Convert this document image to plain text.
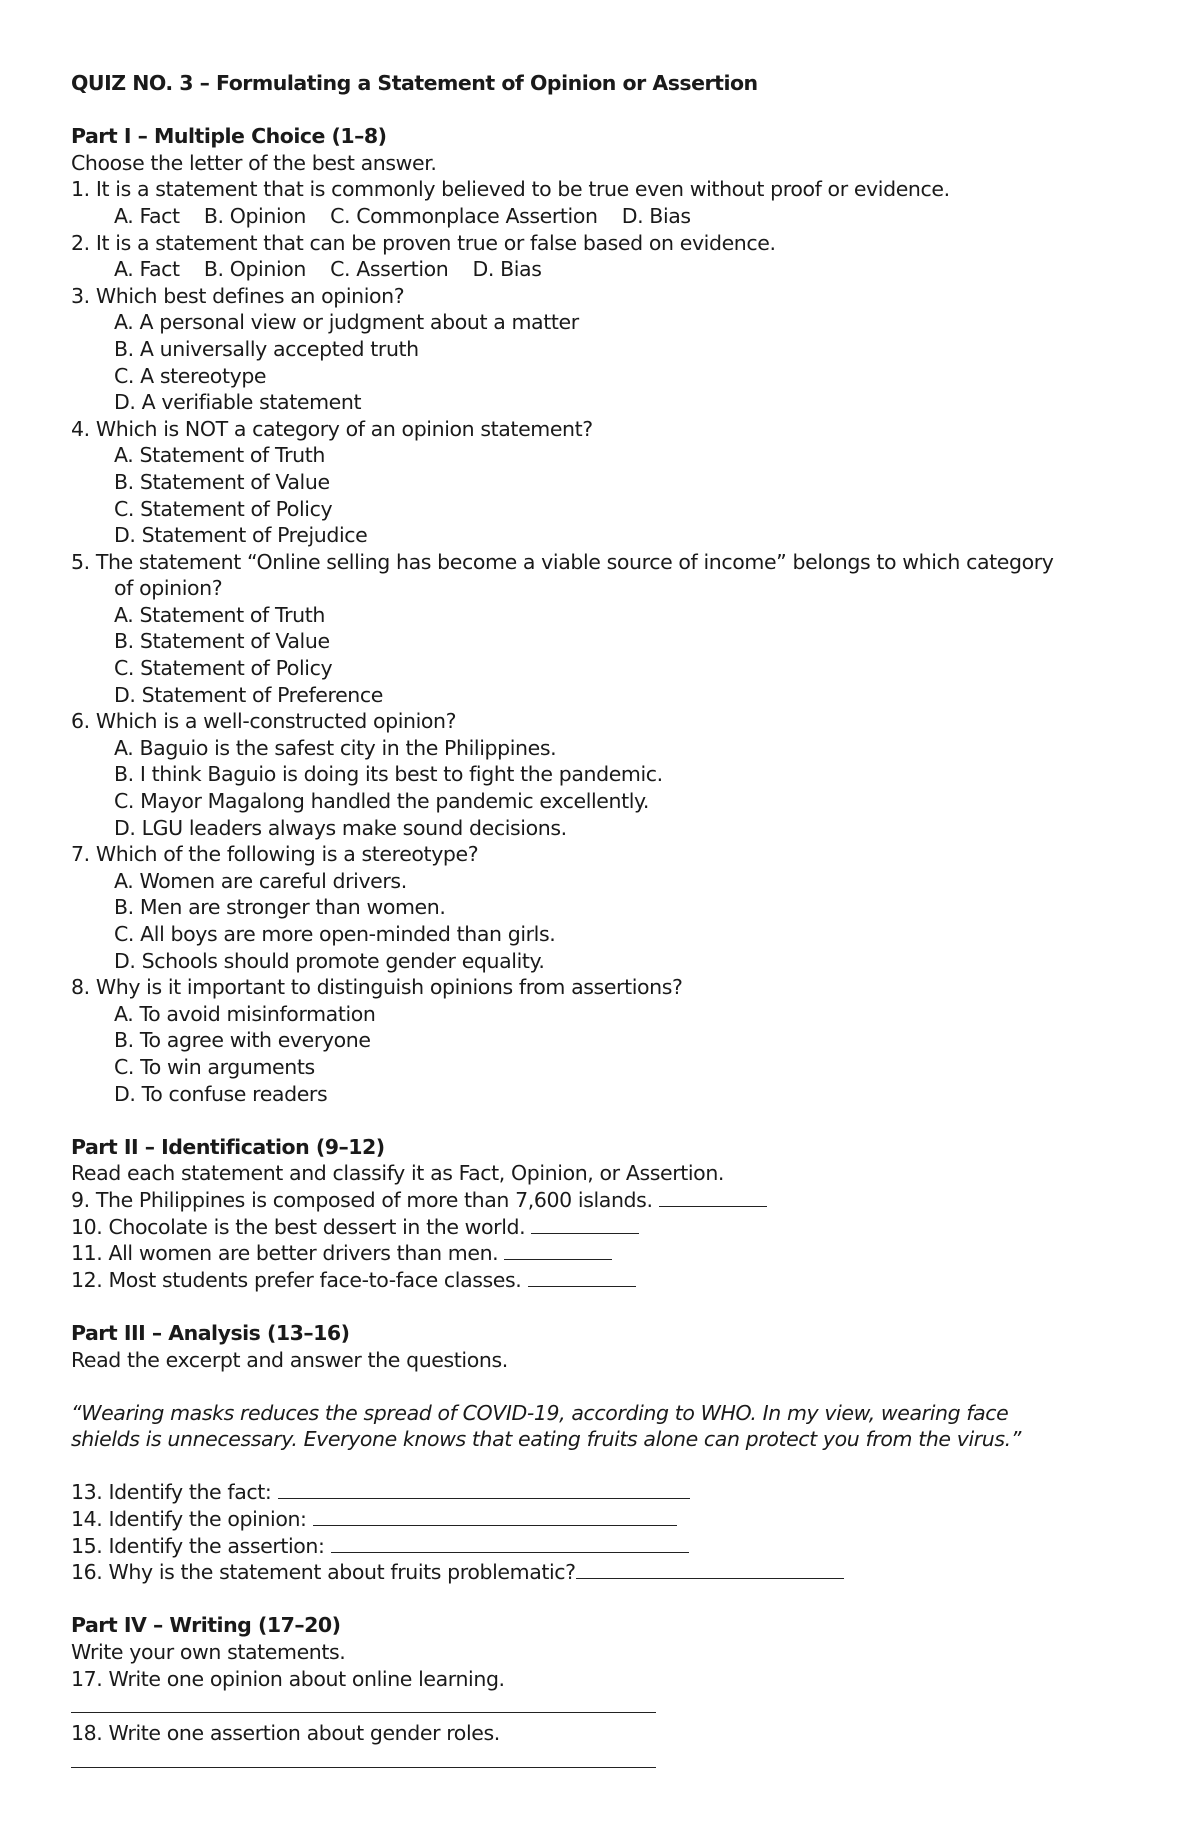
QUIZ NO. 3 – Formulating a Statement of Opinion or Assertion
Part I – Multiple Choice (1–8)
Choose the letter of the best answer.
1. It is a statement that is commonly believed to be true even without proof or evidence.
A. Fact B. Opinion C. Commonplace Assertion D. Bias
2. It is a statement that can be proven true or false based on evidence.
A. Fact B. Opinion C. Assertion D. Bias
3. Which best defines an opinion?
A. A personal view or judgment about a matter
B. A universally accepted truth
C. A stereotype
D. A verifiable statement
4. Which is NOT a category of an opinion statement?
A. Statement of Truth
B. Statement of Value
C. Statement of Policy
D. Statement of Prejudice
5. The statement “Online selling has become a viable source of income” belongs to which category
of opinion?
A. Statement of Truth
B. Statement of Value
C. Statement of Policy
D. Statement of Preference
6. Which is a well-constructed opinion?
A. Baguio is the safest city in the Philippines.
B. I think Baguio is doing its best to fight the pandemic.
C. Mayor Magalong handled the pandemic excellently.
D. LGU leaders always make sound decisions.
7. Which of the following is a stereotype?
A. Women are careful drivers.
B. Men are stronger than women.
C. All boys are more open-minded than girls.
D. Schools should promote gender equality.
8. Why is it important to distinguish opinions from assertions?
A. To avoid misinformation
B. To agree with everyone
C. To win arguments
D. To confuse readers
Part II – Identification (9–12)
Read each statement and classify it as Fact, Opinion, or Assertion.
9. The Philippines is composed of more than 7,600 islands.
10. Chocolate is the best dessert in the world.
11. All women are better drivers than men.
12. Most students prefer face-to-face classes.
Part III – Analysis (13–16)
Read the excerpt and answer the questions.
“Wearing masks reduces the spread of COVID-19, according to WHO. In my view, wearing face
shields is unnecessary. Everyone knows that eating fruits alone can protect you from the virus.”
13. Identify the fact:
14. Identify the opinion:
15. Identify the assertion:
16. Why is the statement about fruits problematic?
Part IV – Writing (17–20)
Write your own statements.
17. Write one opinion about online learning.
18. Write one assertion about gender roles.
